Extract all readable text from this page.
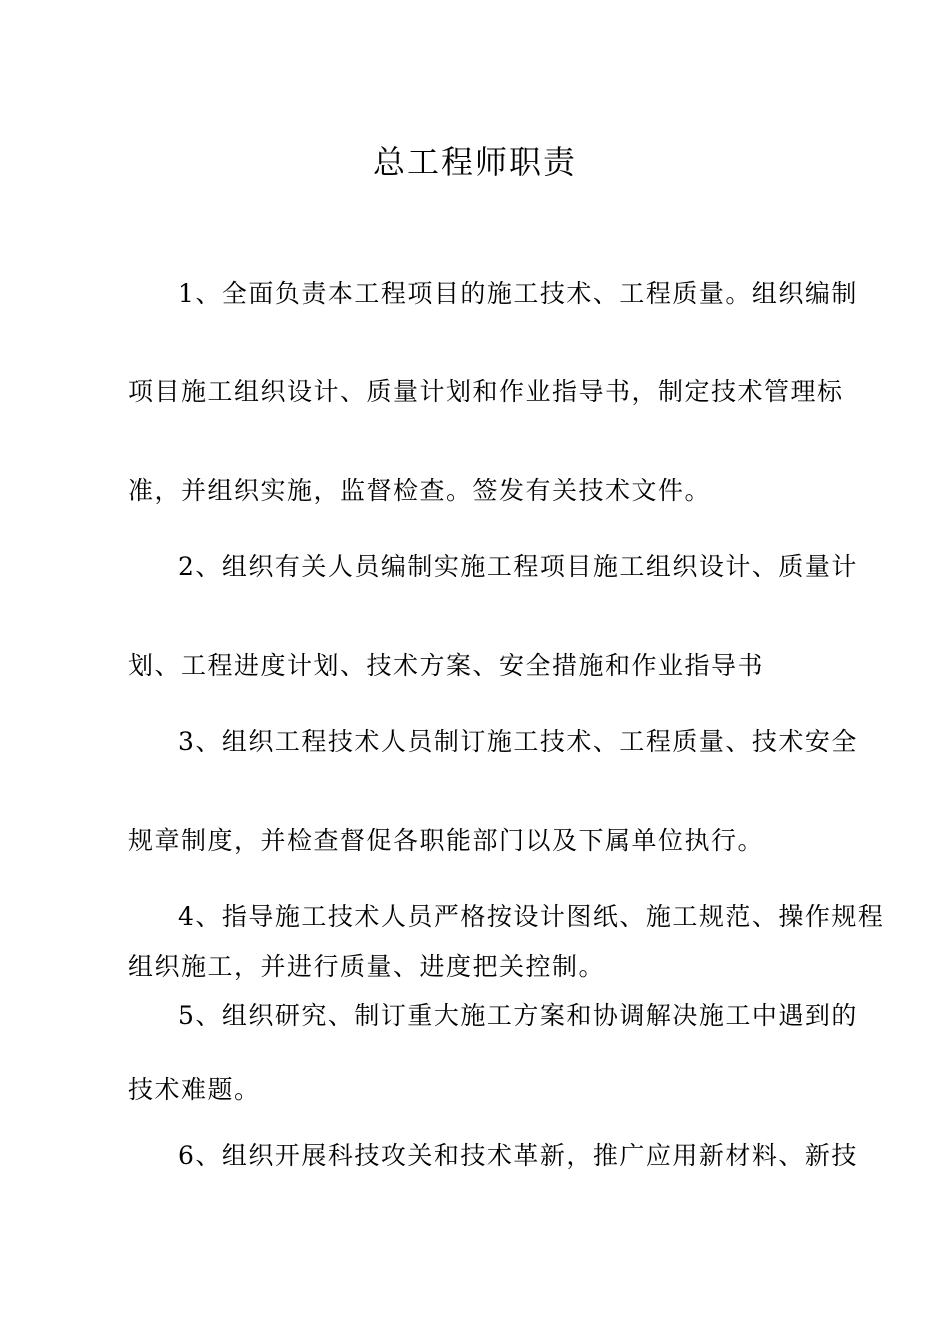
总工程师职责

1、全面负责本工程项目的施工技术、工程质量。组织编制

项目施工组织设计、质量计划和作业指导书，制定技术管理标

准，并组织实施，监督检查。签发有关技术文件。

2、组织有关人员编制实施工程项目施工组织设计、质量计

划、工程进度计划、技术方案、安全措施和作业指导书

3、组织工程技术人员制订施工技术、工程质量、技术安全

规章制度，并检查督促各职能部门以及下属单位执行。

4、指导施工技术人员严格按设计图纸、施工规范、操作规程

组织施工，并进行质量、进度把关控制。

5、组织研究、制订重大施工方案和协调解决施工中遇到的

技术难题。

6、组织开展科技攻关和技术革新，推广应用新材料、新技
